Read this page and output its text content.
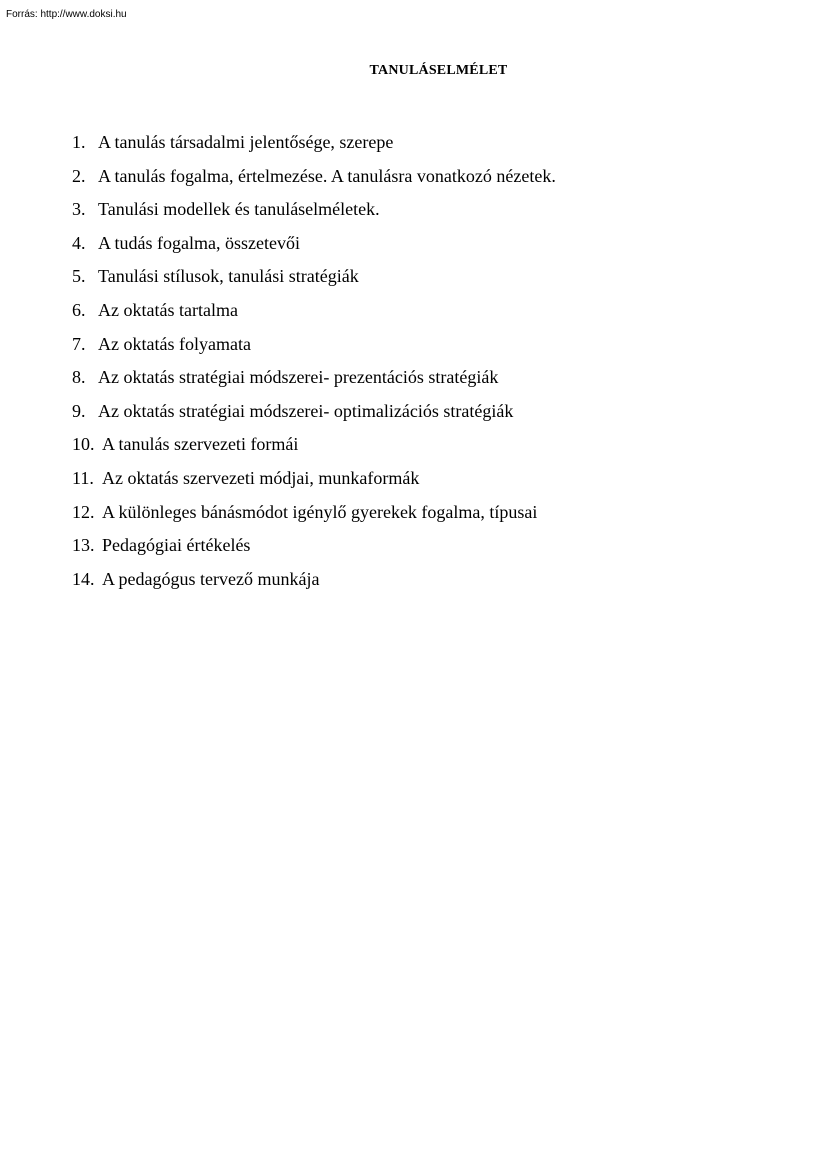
Forrás: http://www.doksi.hu
TANULÁSELMÉLET
1. A tanulás társadalmi jelentősége, szerepe
2. A tanulás fogalma, értelmezése. A tanulásra vonatkozó nézetek.
3. Tanulási modellek és tanuláselméletek.
4. A tudás fogalma, összetevői
5. Tanulási stílusok, tanulási stratégiák
6. Az oktatás tartalma
7. Az oktatás folyamata
8. Az oktatás stratégiai módszerei- prezentációs stratégiák
9. Az oktatás stratégiai módszerei- optimalizációs stratégiák
10. A tanulás szervezeti formái
11. Az oktatás szervezeti módjai, munkaformák
12. A különleges bánásmódot igénylő gyerekek fogalma, típusai
13. Pedagógiai értékelés
14. A pedagógus tervező munkája
